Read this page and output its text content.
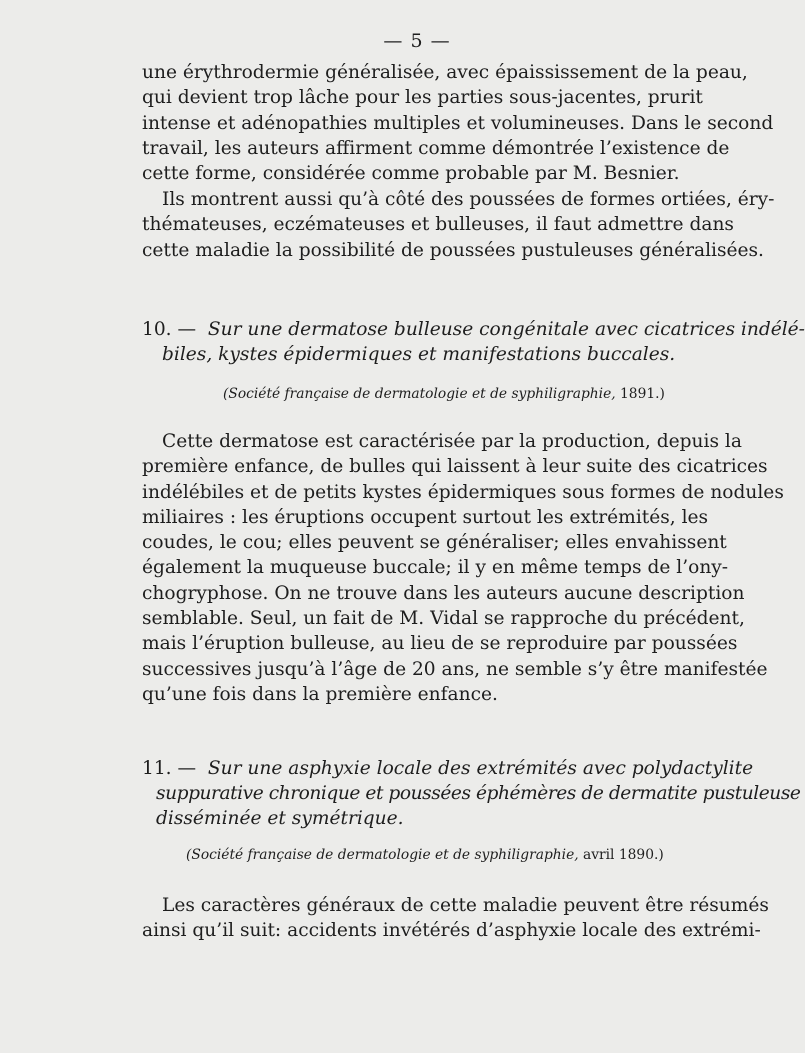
— 5 —

une érythrodermie généralisée, avec épaississement de la peau,
qui devient trop lâche pour les parties sous-jacentes, prurit
intense et adénopathies multiples et volumineuses. Dans le second
travail, les auteurs affirment comme démontrée l’existence de
cette forme, considérée comme probable par M. Besnier.

Ils montrent aussi qu’à côté des poussées de formes ortiées, éry-
thémateuses, eczémateuses et bulleuses, il faut admettre dans
cette maladie la possibilité de poussées pustuleuses généralisées.

10. — Sur une dermatose bulleuse congénitale avec cicatrices indélé-
biles, kystes épidermiques et manifestations buccales.
(Société française de dermatologie et de syphiligraphie, 1891.)

Cette dermatose est caractérisée par la production, depuis la
première enfance, de bulles qui laissent à leur suite des cicatrices
indélébiles et de petits kystes épidermiques sous formes de nodules
miliaires : les éruptions occupent surtout les extrémités, les
coudes, le cou; elles peuvent se généraliser; elles envahissent
également la muqueuse buccale; il y en même temps de l’ony-
chogryphose. On ne trouve dans les auteurs aucune description
semblable. Seul, un fait de M. Vidal se rapproche du précédent,
mais l’éruption bulleuse, au lieu de se reproduire par poussées
successives jusqu’à l’âge de 20 ans, ne semble s’y être manifestée
qu’une fois dans la première enfance.

11. — Sur une asphyxie locale des extrémités avec polydactylite
suppurative chronique et poussées éphémères de dermatite pustuleuse
disséminée et symétrique.
(Société française de dermatologie et de syphiligraphie, avril 1890.)

Les caractères généraux de cette maladie peuvent être résumés
ainsi qu’il suit: accidents invétérés d’asphyxie locale des extrémi-
